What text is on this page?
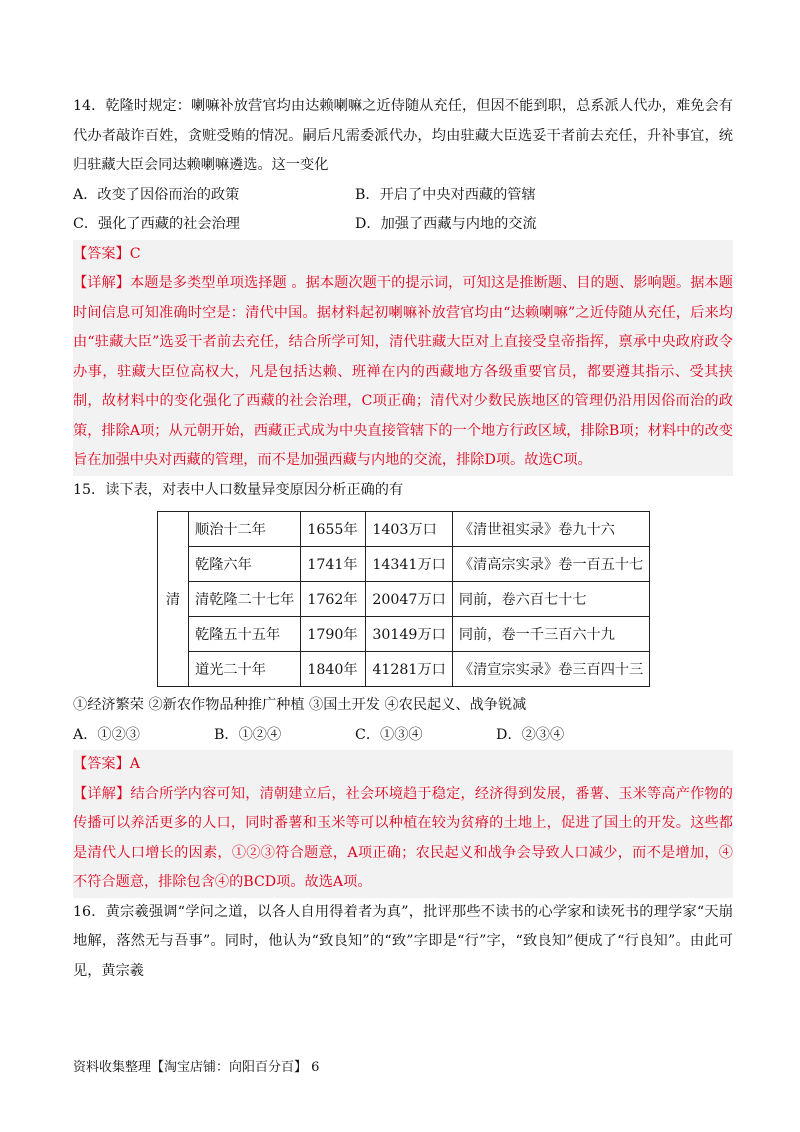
14．乾隆时规定：喇嘛补放营官均由达赖喇嘛之近侍随从充任，但因不能到职，总系派人代办，难免会有代办者敲诈百姓，贪赃受贿的情况。嗣后凡需委派代办，均由驻藏大臣选妥干者前去充任，升补事宜，统归驻藏大臣会同达赖喇嘛遴选。这一变化

A．改变了因俗而治的政策	B．开启了中央对西藏的管辖
C．强化了西藏的社会治理	D．加强了西藏与内地的交流
【答案】C

【详解】本题是多类型单项选择题 。据本题次题干的提示词，可知这是推断题、目的题、影响题。据本题时间信息可知准确时空是：清代中国。据材料起初喇嘛补放营官均由“达赖喇嘛”之近侍随从充任，后来均由“驻藏大臣”选妥干者前去充任，结合所学可知，清代驻藏大臣对上直接受皇帝指挥，禀承中央政府政令办事，驻藏大臣位高权大，凡是包括达赖、班禅在内的西藏地方各级重要官员，都要遵其指示、受其挟制，故材料中的变化强化了西藏的社会治理，C项正确；清代对少数民族地区的管理仍沿用因俗而治的政策，排除A项；从元朝开始，西藏正式成为中央直接管辖下的一个地方行政区域，排除B项；材料中的改变旨在加强中央对西藏的管理，而不是加强西藏与内地的交流，排除D项。故选C项。

15．读下表，对表中人口数量异变原因分析正确的有

清	顺治十二年	1655年	1403万口	《清世祖实录》卷九十六
	乾隆六年	1741年	14341万口	《清高宗实录》卷一百五十七
	清乾隆二十七年	1762年	20047万口	同前，卷六百七十七
	乾隆五十五年	1790年	30149万口	同前，卷一千三百六十九
	道光二十年	1840年	41281万口	《清宣宗实录》卷三百四十三
①经济繁荣 ②新农作物品种推广种植 ③国土开发 ④农民起义、战争锐减
A．①②③	B．①②④	C．①③④	D．②③④
【答案】A

【详解】结合所学内容可知，清朝建立后，社会环境趋于稳定，经济得到发展，番薯、玉米等高产作物的传播可以养活更多的人口，同时番薯和玉米等可以种植在较为贫瘠的土地上，促进了国土的开发。这些都是清代人口增长的因素，①②③符合题意，A项正确；农民起义和战争会导致人口减少，而不是增加，④不符合题意，排除包含④的BCD项。故选A项。

16．黄宗羲强调“学问之道，以各人自用得着者为真”，批评那些不读书的心学家和读死书的理学家“天崩地解，落然无与吾事”。同时，他认为“致良知”的“致”字即是“行”字，“致良知”便成了“行良知”。由此可见，黄宗羲

资料收集整理【淘宝店铺：向阳百分百】 6
